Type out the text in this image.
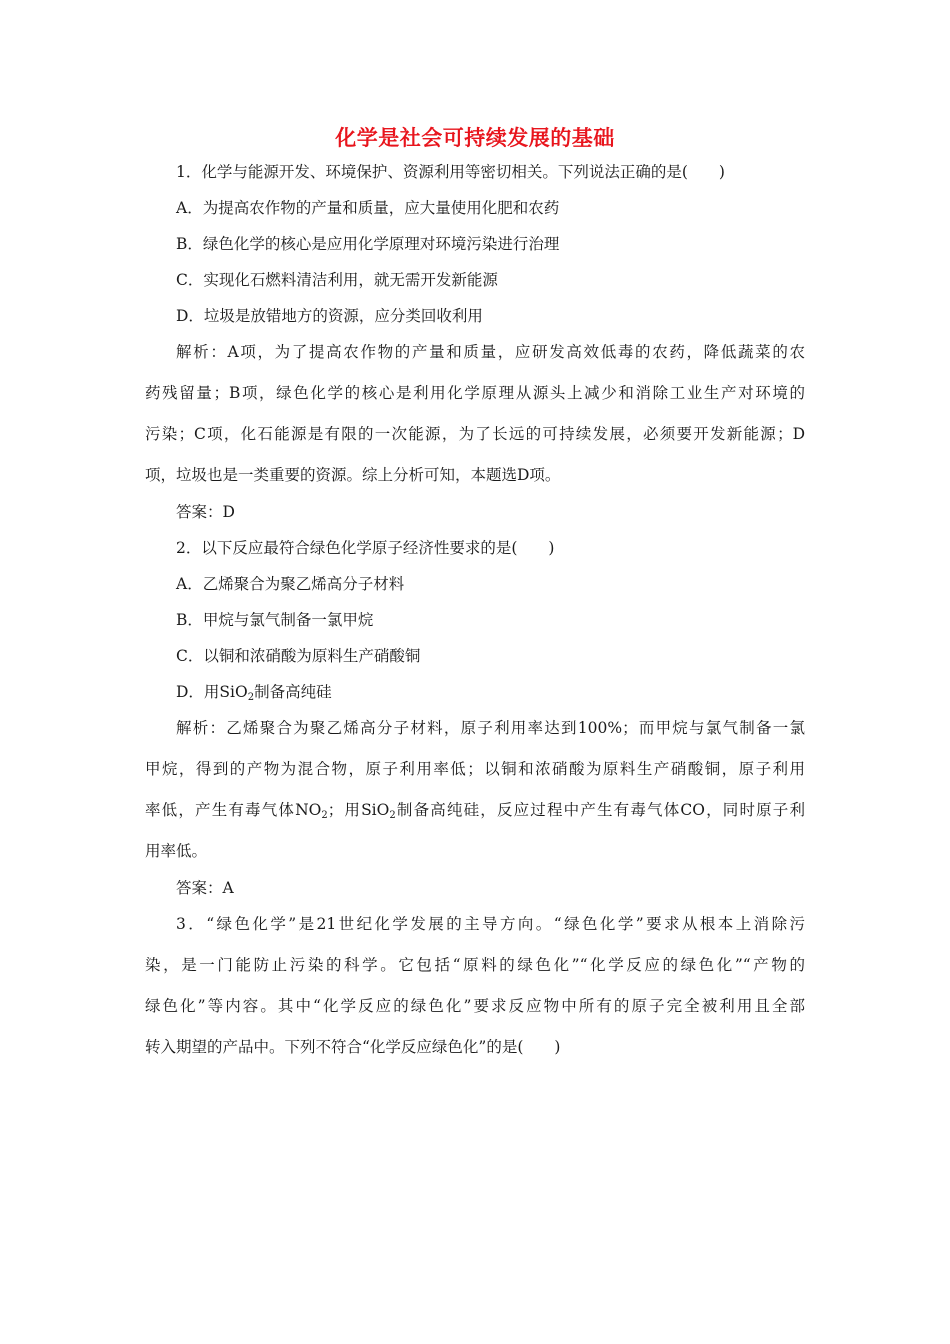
化学是社会可持续发展的基础
1．化学与能源开发、环境保护、资源利用等密切相关。下列说法正确的是(　　)
A．为提高农作物的产量和质量，应大量使用化肥和农药
B．绿色化学的核心是应用化学原理对环境污染进行治理
C．实现化石燃料清洁利用，就无需开发新能源
D．垃圾是放错地方的资源，应分类回收利用
解析：A项，为了提高农作物的产量和质量，应研发高效低毒的农药，降低蔬菜的农
药残留量；B项，绿色化学的核心是利用化学原理从源头上减少和消除工业生产对环境的
污染；C项，化石能源是有限的一次能源，为了长远的可持续发展，必须要开发新能源；D
项，垃圾也是一类重要的资源。综上分析可知，本题选D项。
答案：D
2．以下反应最符合绿色化学原子经济性要求的是(　　)
A．乙烯聚合为聚乙烯高分子材料
B．甲烷与氯气制备一氯甲烷
C．以铜和浓硝酸为原料生产硝酸铜
D．用SiO$_2$制备高纯硅
解析：乙烯聚合为聚乙烯高分子材料，原子利用率达到100%；而甲烷与氯气制备一氯
甲烷，得到的产物为混合物，原子利用率低；以铜和浓硝酸为原料生产硝酸铜，原子利用
率低，产生有毒气体$NO_2$；用SiO$_2$制备高纯硅，反应过程中产生有毒气体CO，同时原子利
用率低。
答案：A
3．“绿色化学”是21世纪化学发展的主导方向。“绿色化学”要求从根本上消除污
染，是一门能防止污染的科学。它包括“原料的绿色化”“化学反应的绿色化”“产物的
绿色化”等内容。其中“化学反应的绿色化”要求反应物中所有的原子完全被利用且全部
转入期望的产品中。下列不符合“化学反应绿色化”的是(　　)
